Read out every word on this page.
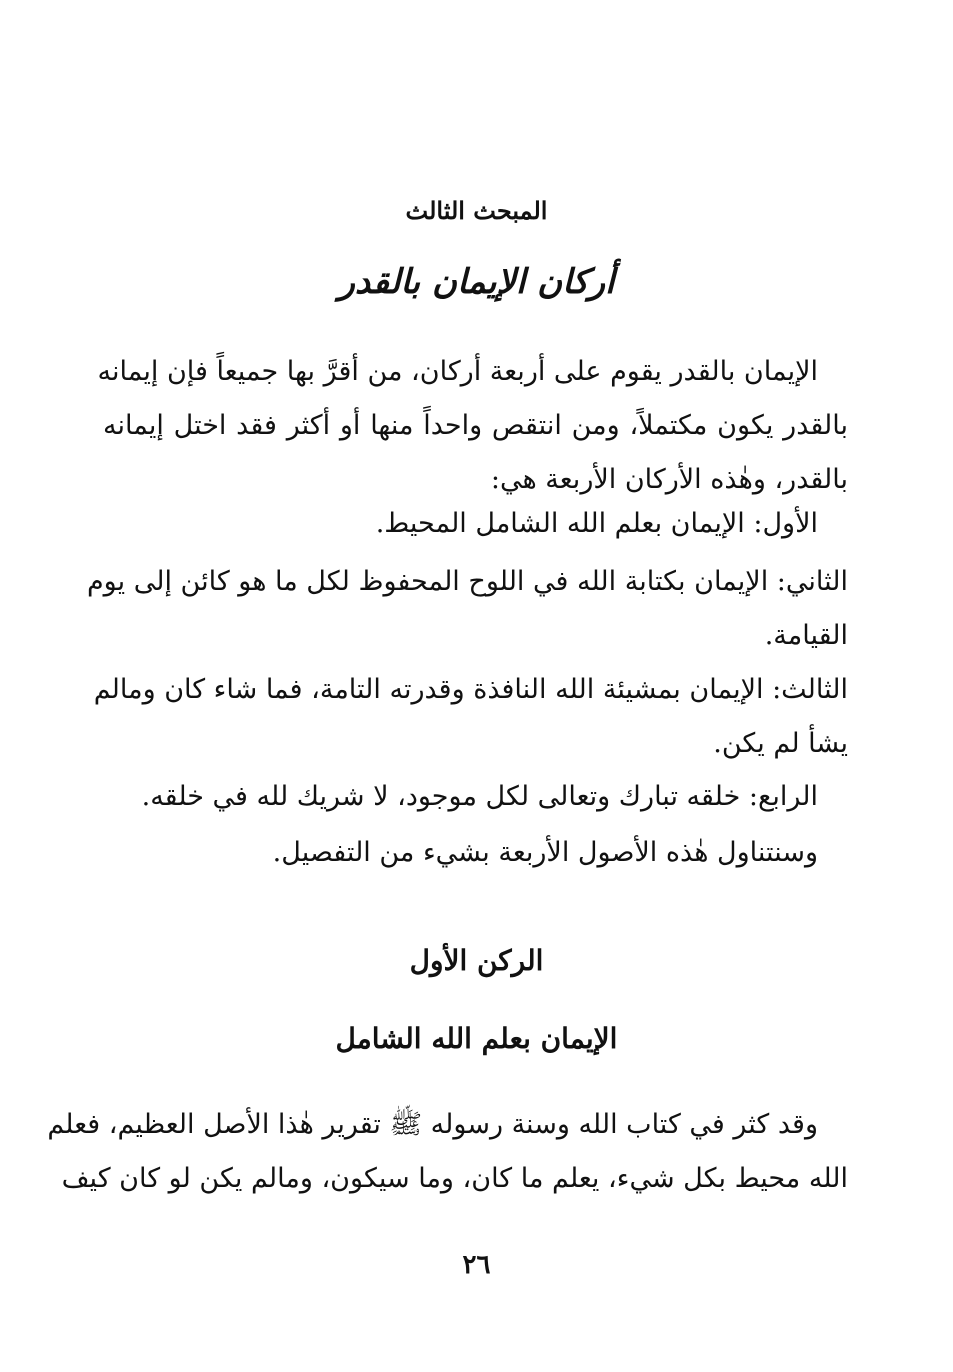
المبحث الثالث
أركان الإيمان بالقدر
الإيمان بالقدر يقوم على أربعة أركان، من أقرَّ بها جميعاً فإن إيمانه
بالقدر يكون مكتملاً، ومن انتقص واحداً منها أو أكثر فقد اختل إيمانه
بالقدر، وهٰذه الأركان الأربعة هي:
الأول: الإيمان بعلم الله الشامل المحيط.
الثاني: الإيمان بكتابة الله في اللوح المحفوظ لكل ما هو كائن إلى يوم
القيامة.
الثالث: الإيمان بمشيئة الله النافذة وقدرته التامة، فما شاء كان ومالم
يشأ لم يكن.
الرابع: خلقه تبارك وتعالى لكل موجود، لا شريك لله في خلقه.
وسنتناول هٰذه الأصول الأربعة بشيء من التفصيل.
الركن الأول
الإيمان بعلم الله الشامل
وقد كثر في كتاب الله وسنة رسوله ﷺ تقرير هٰذا الأصل العظيم، فعلم
الله محيط بكل شيء، يعلم ما كان، وما سيكون، ومالم يكن لو كان كيف
٢٦
